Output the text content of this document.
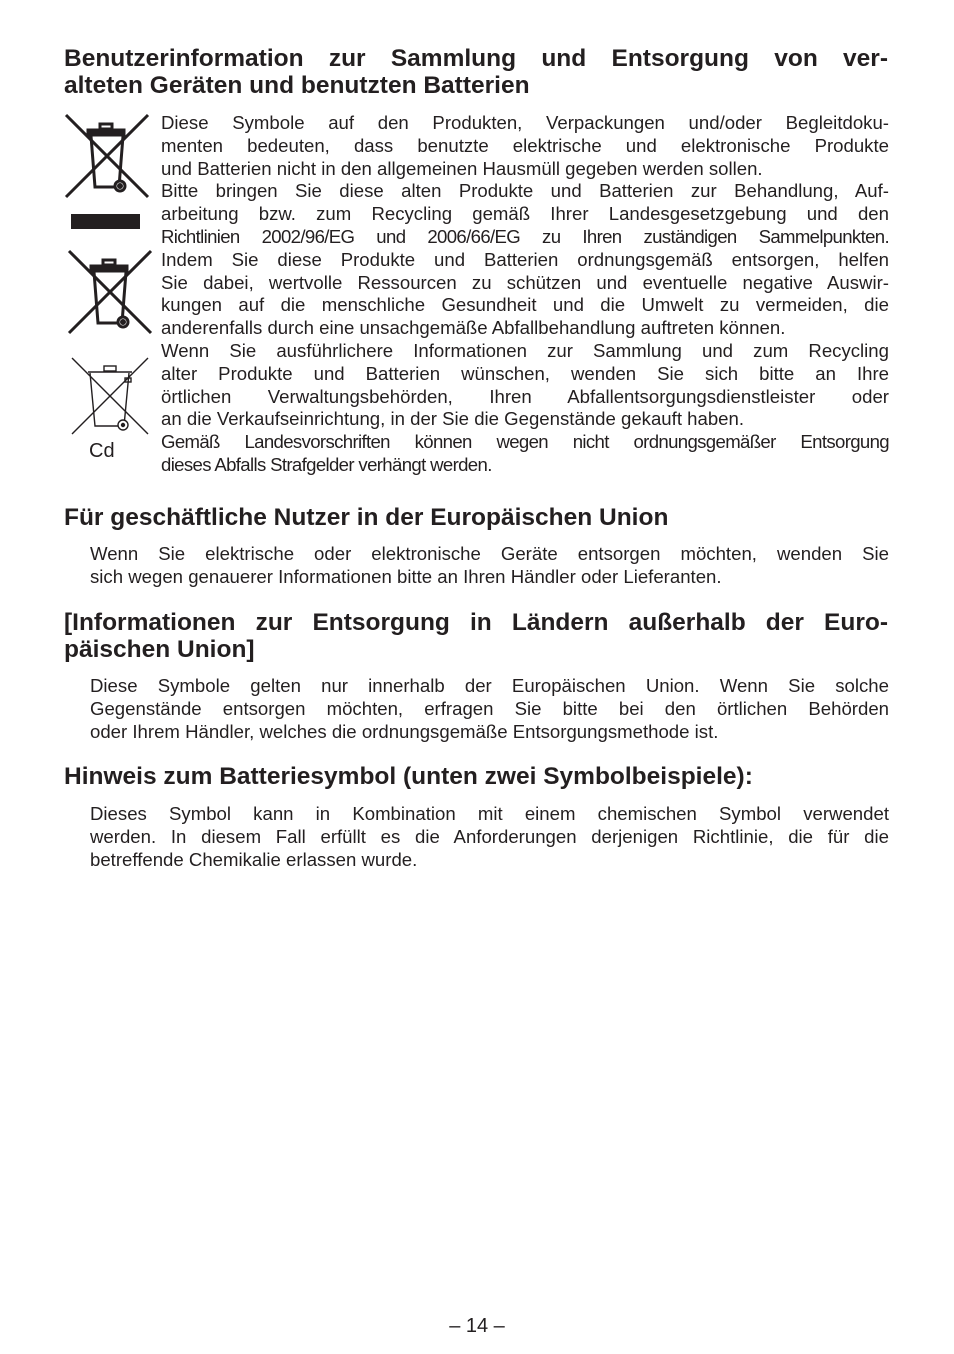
Benutzerinformation zur Sammlung und Entsorgung von ver-
alteten Geräten und benutzten Batterien
Cd

Diese Symbole auf den Produkten, Verpackungen und/oder Begleitdoku-
menten bedeuten, dass benutzte elektrische und elektronische Produkte
und Batterien nicht in den allgemeinen Hausmüll gegeben werden sollen.

Bitte bringen Sie diese alten Produkte und Batterien zur Behandlung, Auf-
arbeitung bzw. zum Recycling gemäß Ihrer Landesgesetzgebung und den
Richtlinien 2002/96/EG und 2006/66/EG zu Ihren zuständigen Sammelpunkten.

Indem Sie diese Produkte und Batterien ordnungsgemäß entsorgen, helfen
Sie dabei, wertvolle Ressourcen zu schützen und eventuelle negative Auswir-
kungen auf die menschliche Gesundheit und die Umwelt zu vermeiden, die
anderenfalls durch eine unsachgemäße Abfallbehandlung auftreten können.

Wenn Sie ausführlichere Informationen zur Sammlung und zum Recycling
alter Produkte und Batterien wünschen, wenden Sie sich bitte an Ihre
örtlichen Verwaltungsbehörden, Ihren Abfallentsorgungsdienstleister oder
an die Verkaufseinrichtung, in der Sie die Gegenstände gekauft haben.

Gemäß Landesvorschriften können wegen nicht ordnungsgemäßer Entsorgung
dieses Abfalls Strafgelder verhängt werden.

Für geschäftliche Nutzer in der Europäischen Union

Wenn Sie elektrische oder elektronische Geräte entsorgen möchten, wenden Sie
sich wegen genauerer Informationen bitte an Ihren Händler oder Lieferanten.

[Informationen zur Entsorgung in Ländern außerhalb der Euro-
päischen Union]

Diese Symbole gelten nur innerhalb der Europäischen Union. Wenn Sie solche
Gegenstände entsorgen möchten, erfragen Sie bitte bei den örtlichen Behörden
oder Ihrem Händler, welches die ordnungsgemäße Entsorgungsmethode ist.

Hinweis zum Batteriesymbol (unten zwei Symbolbeispiele):

Dieses Symbol kann in Kombination mit einem chemischen Symbol verwendet
werden. In diesem Fall erfüllt es die Anforderungen derjenigen Richtlinie, die für die
betreffende Chemikalie erlassen wurde.

– 14 –
